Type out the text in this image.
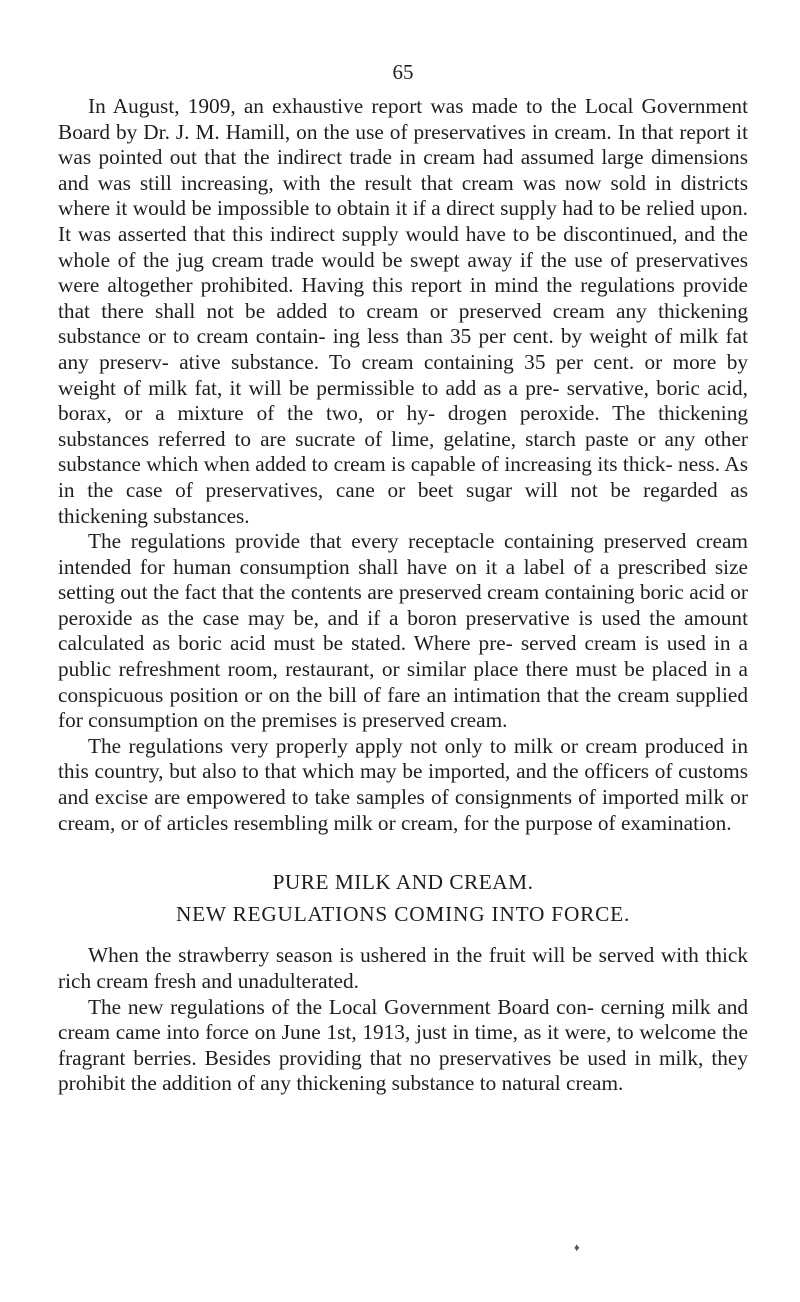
65

In August, 1909, an exhaustive report was made to the Local Government Board by Dr. J. M. Hamill, on the use of preservatives in cream. In that report it was pointed out that the indirect trade in cream had assumed large dimensions and was still increasing, with the result that cream was now sold in districts where it would be impossible to obtain it if a direct supply had to be relied upon. It was asserted that this indirect supply would have to be discontinued, and the whole of the jug cream trade would be swept away if the use of preservatives were altogether prohibited. Having this report in mind the regulations provide that there shall not be added to cream or preserved cream any thickening substance or to cream contain- ing less than 35 per cent. by weight of milk fat any preserv- ative substance. To cream containing 35 per cent. or more by weight of milk fat, it will be permissible to add as a pre- servative, boric acid, borax, or a mixture of the two, or hy- drogen peroxide. The thickening substances referred to are sucrate of lime, gelatine, starch paste or any other substance which when added to cream is capable of increasing its thick- ness. As in the case of preservatives, cane or beet sugar will not be regarded as thickening substances.

The regulations provide that every receptacle containing preserved cream intended for human consumption shall have on it a label of a prescribed size setting out the fact that the contents are preserved cream containing boric acid or peroxide as the case may be, and if a boron preservative is used the amount calculated as boric acid must be stated. Where pre- served cream is used in a public refreshment room, restaurant, or similar place there must be placed in a conspicuous position or on the bill of fare an intimation that the cream supplied for consumption on the premises is preserved cream.

The regulations very properly apply not only to milk or cream produced in this country, but also to that which may be imported, and the officers of customs and excise are empowered to take samples of consignments of imported milk or cream, or of articles resembling milk or cream, for the purpose of examination.

PURE MILK AND CREAM.
NEW REGULATIONS COMING INTO FORCE.

When the strawberry season is ushered in the fruit will be served with thick rich cream fresh and unadulterated.

The new regulations of the Local Government Board con- cerning milk and cream came into force on June 1st, 1913, just in time, as it were, to welcome the fragrant berries. Besides providing that no preservatives be used in milk, they prohibit the addition of any thickening substance to natural cream.

♦
